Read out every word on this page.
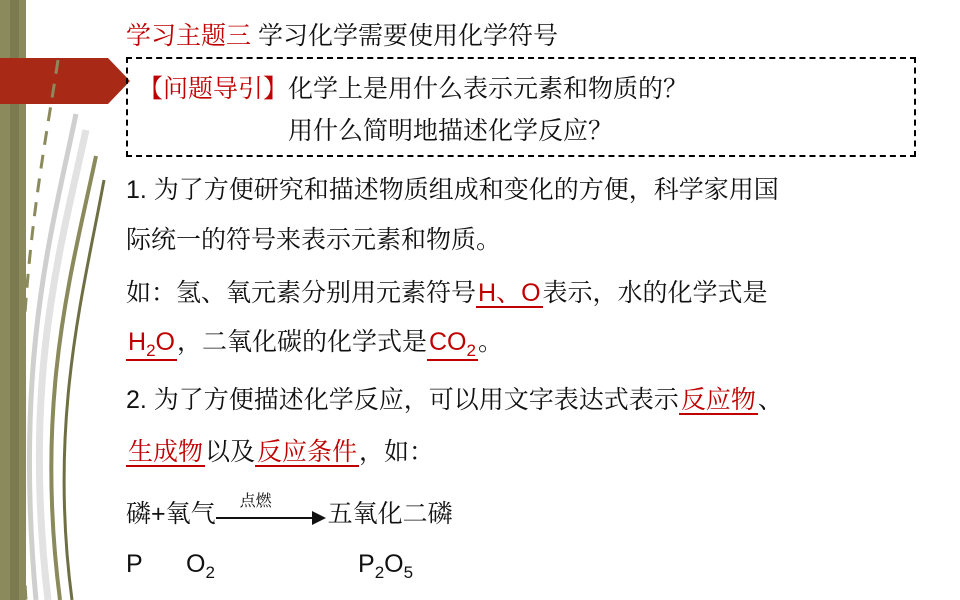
学习主题三 学习化学需要使用化学符号
【问题导引】化学上是用什么表示元素和物质的？
用什么简明地描述化学反应？
1. 为了方便研究和描述物质组成和变化的方便，科学家用国
际统一的符号来表示元素和物质。
如：氢、氧元素分别用元素符号H、O表示，水的化学式是
$H_2O$，二氧化碳的化学式是$CO_2$。
2. 为了方便描述化学反应，可以用文字表达式表示反应物、
生成物以及反应条件，如：
磷+氧气 点燃 五氧化二磷
P $O_2$	$P_2O_5$
